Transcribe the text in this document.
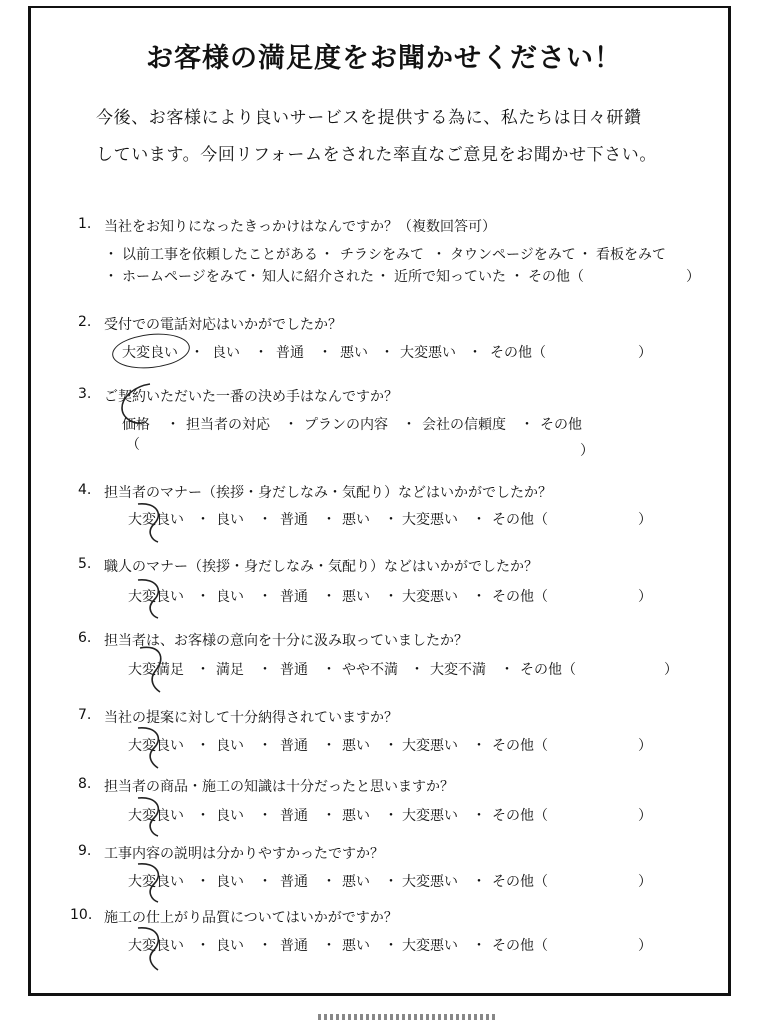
お客様の満足度をお聞かせください！
今後、お客様により良いサービスを提供する為に、私たちは日々研鑽
しています。今回リフォームをされた率直なご意見をお聞かせ下さい。
1. 当社をお知りになったきっかけはなんですか？（複数回答可）
・ 以前工事を依頼したことがある ・ チラシをみて ・ タウンページをみて ・ 看板をみて
・ ホームページをみて
・ 知人に紹介された ・ 近所で知っていた ・ その他（	）
2. 受付での電話対応はいかがでしたか？
大変良い ・ 良い ・ 普通 ・ 悪い ・ 大変悪い ・ その他（	）
3. ご契約いただいた一番の決め手はなんですか？
価格 ・ 担当者の対応 ・ プランの内容 ・ 会社の信頼度 ・ その他
（	）
4. 担当者のマナー（挨拶・身だしなみ・気配り）などはいかがでしたか？
大変良い ・ 良い ・ 普通 ・ 悪い ・ 大変悪い ・ その他（	）
5. 職人のマナー（挨拶・身だしなみ・気配り）などはいかがでしたか？
大変良い ・ 良い ・ 普通 ・ 悪い ・ 大変悪い ・ その他（	）
6. 担当者は、お客様の意向を十分に汲み取っていましたか？
大変満足 ・ 満足 ・ 普通 ・ やや不満 ・ 大変不満 ・ その他（	）
7. 当社の提案に対して十分納得されていますか？
大変良い ・ 良い ・ 普通 ・ 悪い ・ 大変悪い ・ その他（	）
8. 担当者の商品・施工の知識は十分だったと思いますか？
大変良い ・ 良い ・ 普通 ・ 悪い ・ 大変悪い ・ その他（	）
9. 工事内容の説明は分かりやすかったですか？
大変良い ・ 良い ・ 普通 ・ 悪い ・ 大変悪い ・ その他（	）
10. 施工の仕上がり品質についてはいかがですか？
大変良い ・ 良い ・ 普通 ・ 悪い ・ 大変悪い ・ その他（	）
